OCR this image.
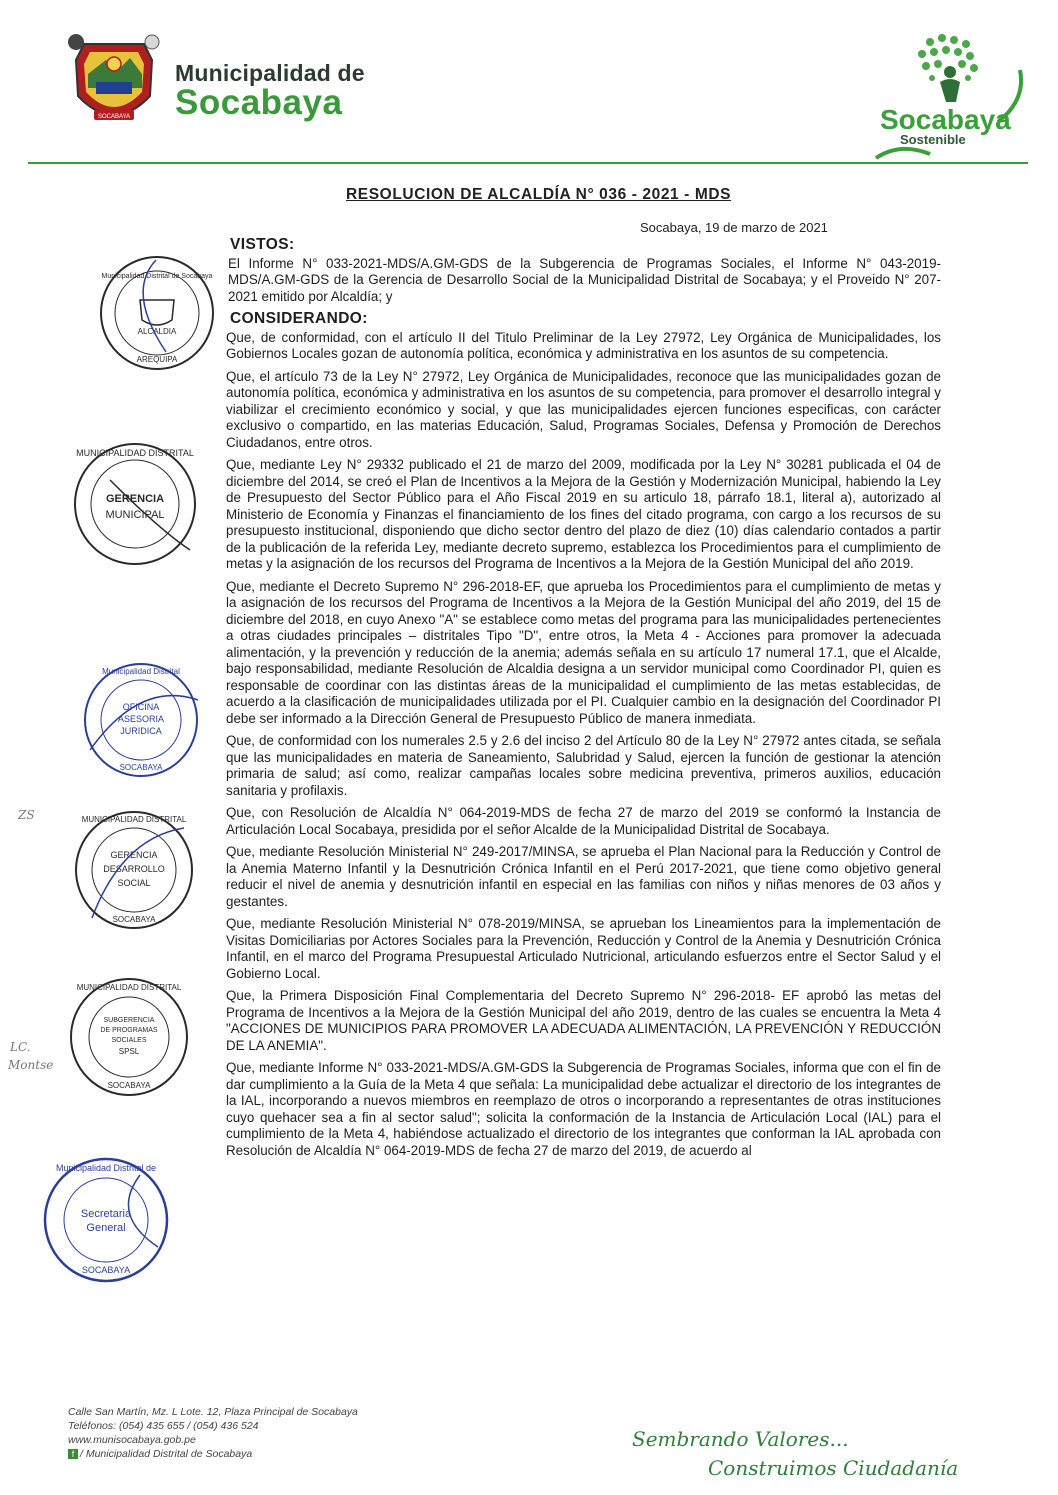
SOCABAYA
Municipalidad de
Socabaya	Socabaya
Sostenible
RESOLUCION DE ALCALDÍA N° 036 - 2021 - MDS
Socabaya, 19 de marzo de 2021
VISTOS:

El Informe N° 033-2021-MDS/A.GM-GDS de la Subgerencia de Programas Sociales, el Informe N° 043-2019-MDS/A.GM-GDS de la Gerencia de Desarrollo Social de la Municipalidad Distrital de Socabaya; y el Proveido N° 207-2021 emitido por Alcaldía; y

CONSIDERANDO:

Que, de conformidad, con el artículo II del Titulo Preliminar de la Ley 27972, Ley Orgánica de Municipalidades, los Gobiernos Locales gozan de autonomía política, económica y administrativa en los asuntos de su competencia.

Que, el artículo 73 de la Ley N° 27972, Ley Orgánica de Municipalidades, reconoce que las municipalidades gozan de autonomía política, económica y administrativa en los asuntos de su competencia, para promover el desarrollo integral y viabilizar el crecimiento económico y social, y que las municipalidades ejercen funciones especificas, con carácter exclusivo o compartido, en las materias Educación, Salud, Programas Sociales, Defensa y Promoción de Derechos Ciudadanos, entre otros.

Que, mediante Ley N° 29332 publicado el 21 de marzo del 2009, modificada por la Ley N° 30281 publicada el 04 de diciembre del 2014, se creó el Plan de Incentivos a la Mejora de la Gestión y Modernización Municipal, habiendo la Ley de Presupuesto del Sector Público para el Año Fiscal 2019 en su articulo 18, párrafo 18.1, literal a), autorizado al Ministerio de Economía y Finanzas el financiamiento de los fines del citado programa, con cargo a los recursos de su presupuesto institucional, disponiendo que dicho sector dentro del plazo de diez (10) días calendario contados a partir de la publicación de la referida Ley, mediante decreto supremo, establezca los Procedimientos para el cumplimiento de metas y la asignación de los recursos del Programa de Incentivos a la Mejora de la Gestión Municipal del año 2019.

Que, mediante el Decreto Supremo N° 296-2018-EF, que aprueba los Procedimientos para el cumplimiento de metas y la asignación de los recursos del Programa de Incentivos a la Mejora de la Gestión Municipal del año 2019, del 15 de diciembre del 2018, en cuyo Anexo "A" se establece como metas del programa para las municipalidades pertenecientes a otras ciudades principales – distritales Tipo "D", entre otros, la Meta 4 - Acciones para promover la adecuada alimentación, y la prevención y reducción de la anemia; además señala en su artículo 17 numeral 17.1, que el Alcalde, bajo responsabilidad, mediante Resolución de Alcaldia designa a un servidor municipal como Coordinador PI, quien es responsable de coordinar con las distintas áreas de la municipalidad el cumplimiento de las metas establecidas, de acuerdo a la clasificación de municipalidades utilizada por el PI. Cualquier cambio en la designación del Coordinador PI debe ser informado a la Dirección General de Presupuesto Público de manera inmediata.

Que, de conformidad con los numerales 2.5 y 2.6 del inciso 2 del Artículo 80 de la Ley N° 27972 antes citada, se señala que las municipalidades en materia de Saneamiento, Salubridad y Salud, ejercen la función de gestionar la atención primaria de salud; así como, realizar campañas locales sobre medicina preventiva, primeros auxilios, educación sanitaria y profilaxis.

Que, con Resolución de Alcaldía N° 064-2019-MDS de fecha 27 de marzo del 2019 se conformó la Instancia de Articulación Local Socabaya, presidida por el señor Alcalde de la Municipalidad Distrital de Socabaya.

Que, mediante Resolución Ministerial N° 249-2017/MINSA, se aprueba el Plan Nacional para la Reducción y Control de la Anemia Materno Infantil y la Desnutrición Crónica Infantil en el Perú 2017-2021, que tiene como objetivo general reducir el nivel de anemia y desnutrición infantil en especial en las familias con niños y niñas menores de 03 años y gestantes.

Que, mediante Resolución Ministerial N° 078-2019/MINSA, se aprueban los Lineamientos para la implementación de Visitas Domiciliarias por Actores Sociales para la Prevención, Reducción y Control de la Anemia y Desnutrición Crónica Infantil, en el marco del Programa Presupuestal Articulado Nutricional, articulando esfuerzos entre el Sector Salud y el Gobierno Local.

Que, la Primera Disposición Final Complementaria del Decreto Supremo N° 296-2018- EF aprobó las metas del Programa de Incentivos a la Mejora de la Gestión Municipal del año 2019, dentro de las cuales se encuentra la Meta 4 "ACCIONES DE MUNICIPIOS PARA PROMOVER LA ADECUADA ALIMENTACIÓN, LA PREVENCIÓN Y REDUCCIÓN DE LA ANEMIA".

Que, mediante Informe N° 033-2021-MDS/A.GM-GDS la Subgerencia de Programas Sociales, informa que con el fin de dar cumplimiento a la Guía de la Meta 4 que señala: La municipalidad debe actualizar el directorio de los integrantes de la IAL, incorporando a nuevos miembros en reemplazo de otros o incorporando a representantes de otras instituciones cuyo quehacer sea a fin al sector salud"; solicita la conformación de la Instancia de Articulación Local (IAL) para el cumplimiento de la Meta 4, habiéndose actualizado el directorio de los integrantes que conforman la IAL aprobada con Resolución de Alcaldía N° 064-2019-MDS de fecha 27 de marzo del 2019, de acuerdo al

Municipalidad Distrital de Socabaya
ALCALDIA
AREQUIPA
MUNICIPALIDAD DISTRITAL
GERENCIA
MUNICIPAL
Municipalidad Distrital
OFICINA
ASESORIA
JURIDICA
SOCABAYA
MUNICIPALIDAD DISTRITAL
GERENCIA
DESARROLLO
SOCIAL
SOCABAYA
MUNICIPALIDAD DISTRITAL
SUBGERENCIA
DE PROGRAMAS
SOCIALES
SPSL
SOCABAYA
Municipalidad Distrital de
Secretaria
General
SOCABAYA
ZS
LC.
Montse
Calle San Martín, Mz. L Lote. 12, Plaza Principal de Socabaya
Teléfonos: (054) 435 655 / (054) 436 524
www.munisocabaya.gob.pe
f / Municipalidad Distrital de Socabaya
Sembrando Valores...
Construimos Ciudadanía
